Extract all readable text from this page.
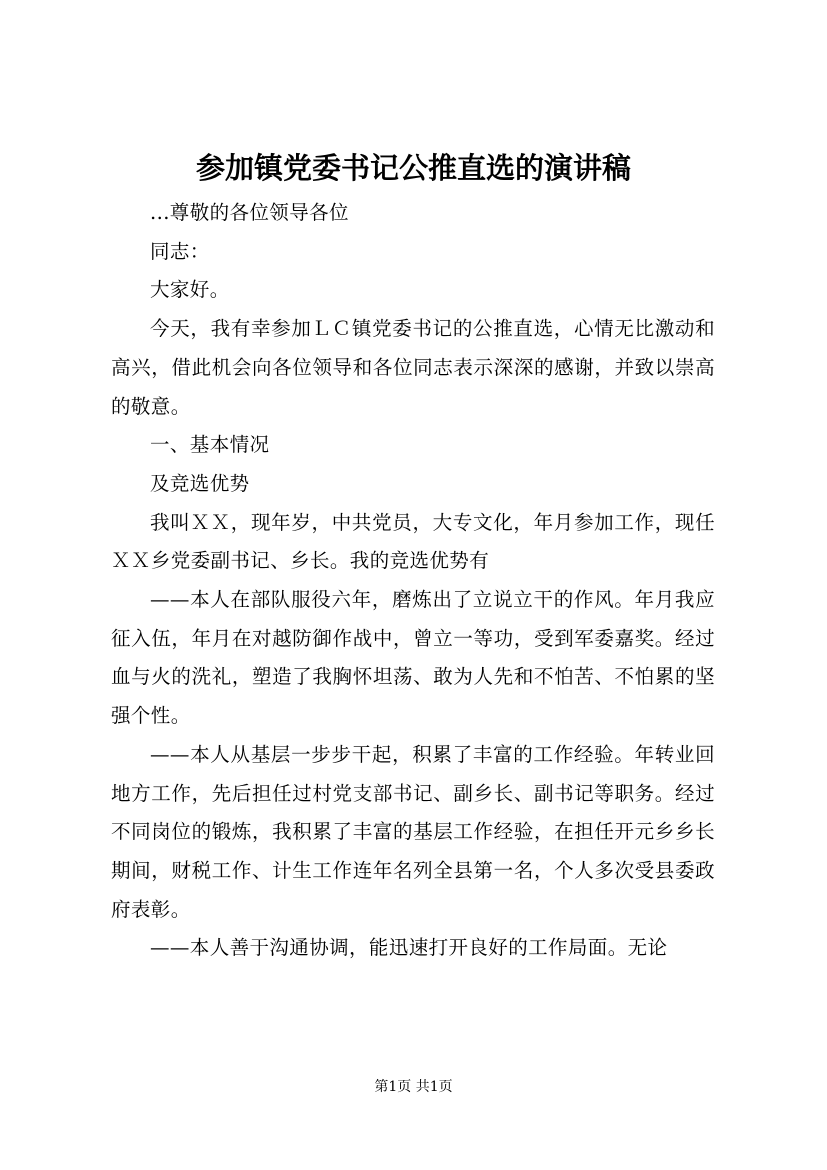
参加镇党委书记公推直选的演讲稿

...尊敬的各位领导各位

同志：

大家好。

今天，我有幸参加ＬＣ镇党委书记的公推直选，心情无比激动和高兴，借此机会向各位领导和各位同志表示深深的感谢，并致以崇高的敬意。

一、基本情况

及竞选优势

我叫ＸＸ，现年岁，中共党员，大专文化，年月参加工作，现任ＸＸ乡党委副书记、乡长。我的竞选优势有

——本人在部队服役六年，磨炼出了立说立干的作风。年月我应征入伍，年月在对越防御作战中，曾立一等功，受到军委嘉奖。经过血与火的洗礼，塑造了我胸怀坦荡、敢为人先和不怕苦、不怕累的坚强个性。

——本人从基层一步步干起，积累了丰富的工作经验。年转业回地方工作，先后担任过村党支部书记、副乡长、副书记等职务。经过不同岗位的锻炼，我积累了丰富的基层工作经验，在担任开元乡乡长期间，财税工作、计生工作连年名列全县第一名，个人多次受县委政府表彰。

——本人善于沟通协调，能迅速打开良好的工作局面。无论

第1页 共1页
